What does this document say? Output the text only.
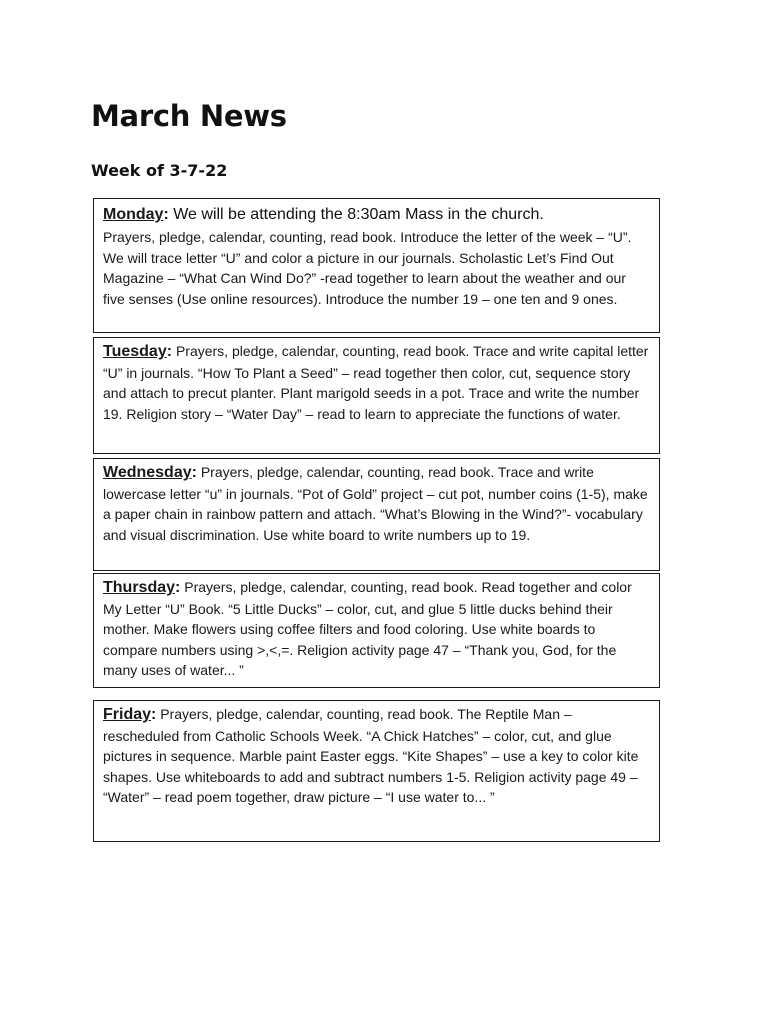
March News
Week of 3-7-22
Monday: We will be attending the 8:30am Mass in the church.
Prayers, pledge, calendar, counting, read book. Introduce the letter of the week – “U”. We will trace letter “U” and color a picture in our journals. Scholastic Let’s Find Out Magazine – “What Can Wind Do?” -read together to learn about the weather and our five senses (Use online resources). Introduce the number 19 – one ten and 9 ones.
Tuesday: Prayers, pledge, calendar, counting, read book. Trace and write capital letter “U” in journals. “How To Plant a Seed” – read together then color, cut, sequence story and attach to precut planter. Plant marigold seeds in a pot. Trace and write the number 19. Religion story – “Water Day” – read to learn to appreciate the functions of water.
Wednesday: Prayers, pledge, calendar, counting, read book. Trace and write lowercase letter “u” in journals. “Pot of Gold” project – cut pot, number coins (1-5), make a paper chain in rainbow pattern and attach. “What’s Blowing in the Wind?”- vocabulary and visual discrimination. Use white board to write numbers up to 19.
Thursday: Prayers, pledge, calendar, counting, read book. Read together and color My Letter “U” Book. “5 Little Ducks” – color, cut, and glue 5 little ducks behind their mother. Make flowers using coffee filters and food coloring. Use white boards to compare numbers using >,<,=. Religion activity page 47 – “Thank you, God, for the many uses of water... ”
Friday: Prayers, pledge, calendar, counting, read book. The Reptile Man – rescheduled from Catholic Schools Week. “A Chick Hatches” – color, cut, and glue pictures in sequence. Marble paint Easter eggs. “Kite Shapes” – use a key to color kite shapes. Use whiteboards to add and subtract numbers 1-5. Religion activity page 49 – “Water” – read poem together, draw picture – “I use water to... ”
